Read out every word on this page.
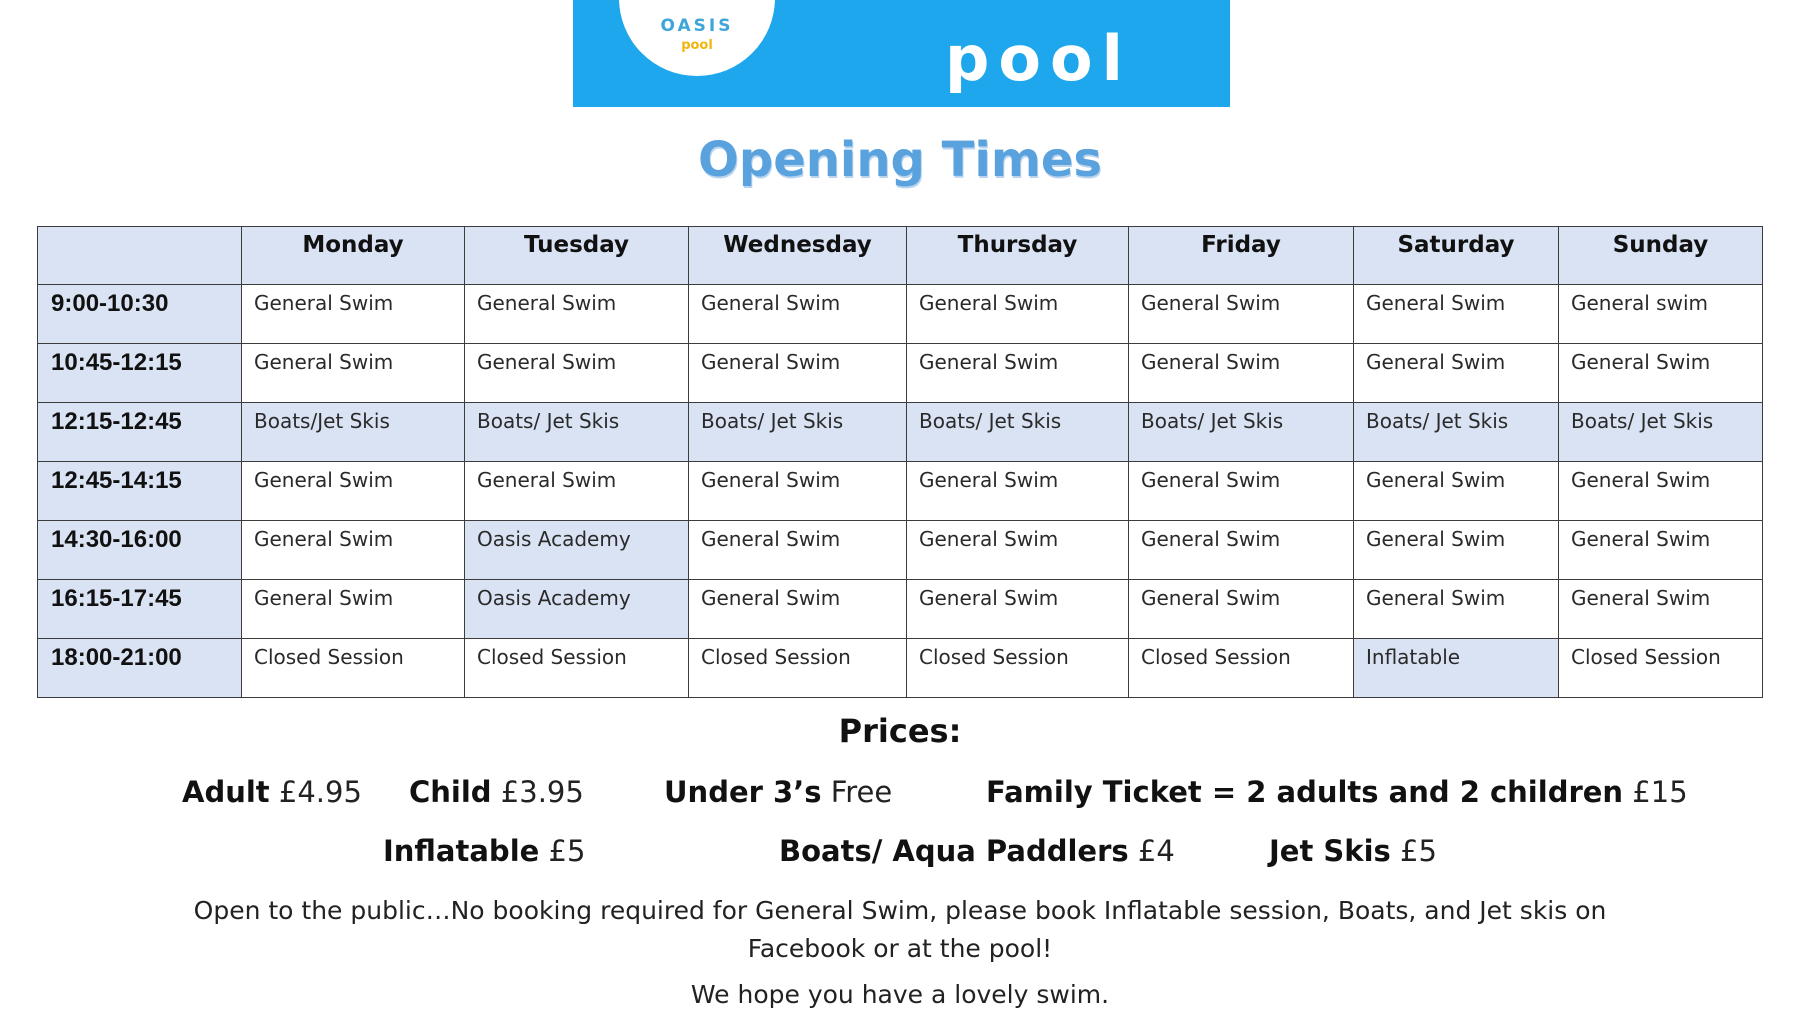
OASIS
pool	pool
Opening Times
	Monday	Tuesday	Wednesday	Thursday	Friday	Saturday	Sunday
9:00-10:30	General Swim	General Swim	General Swim	General Swim	General Swim	General Swim	General swim
10:45-12:15	General Swim	General Swim	General Swim	General Swim	General Swim	General Swim	General Swim
12:15-12:45	Boats/Jet Skis	Boats/ Jet Skis	Boats/ Jet Skis	Boats/ Jet Skis	Boats/ Jet Skis	Boats/ Jet Skis	Boats/ Jet Skis
12:45-14:15	General Swim	General Swim	General Swim	General Swim	General Swim	General Swim	General Swim
14:30-16:00	General Swim	Oasis Academy	General Swim	General Swim	General Swim	General Swim	General Swim
16:15-17:45	General Swim	Oasis Academy	General Swim	General Swim	General Swim	General Swim	General Swim
18:00-21:00	Closed Session	Closed Session	Closed Session	Closed Session	Closed Session	Inflatable	Closed Session
Prices:
Adult £4.95 Child £3.95	Under 3’s Free	Family Ticket = 2 adults and 2 children £15
Inflatable £5	Boats/ Aqua Paddlers £4	Jet Skis £5
Open to the public…No booking required for General Swim, please book Inflatable session, Boats, and Jet skis on Facebook or at the pool!
We hope you have a lovely swim.
